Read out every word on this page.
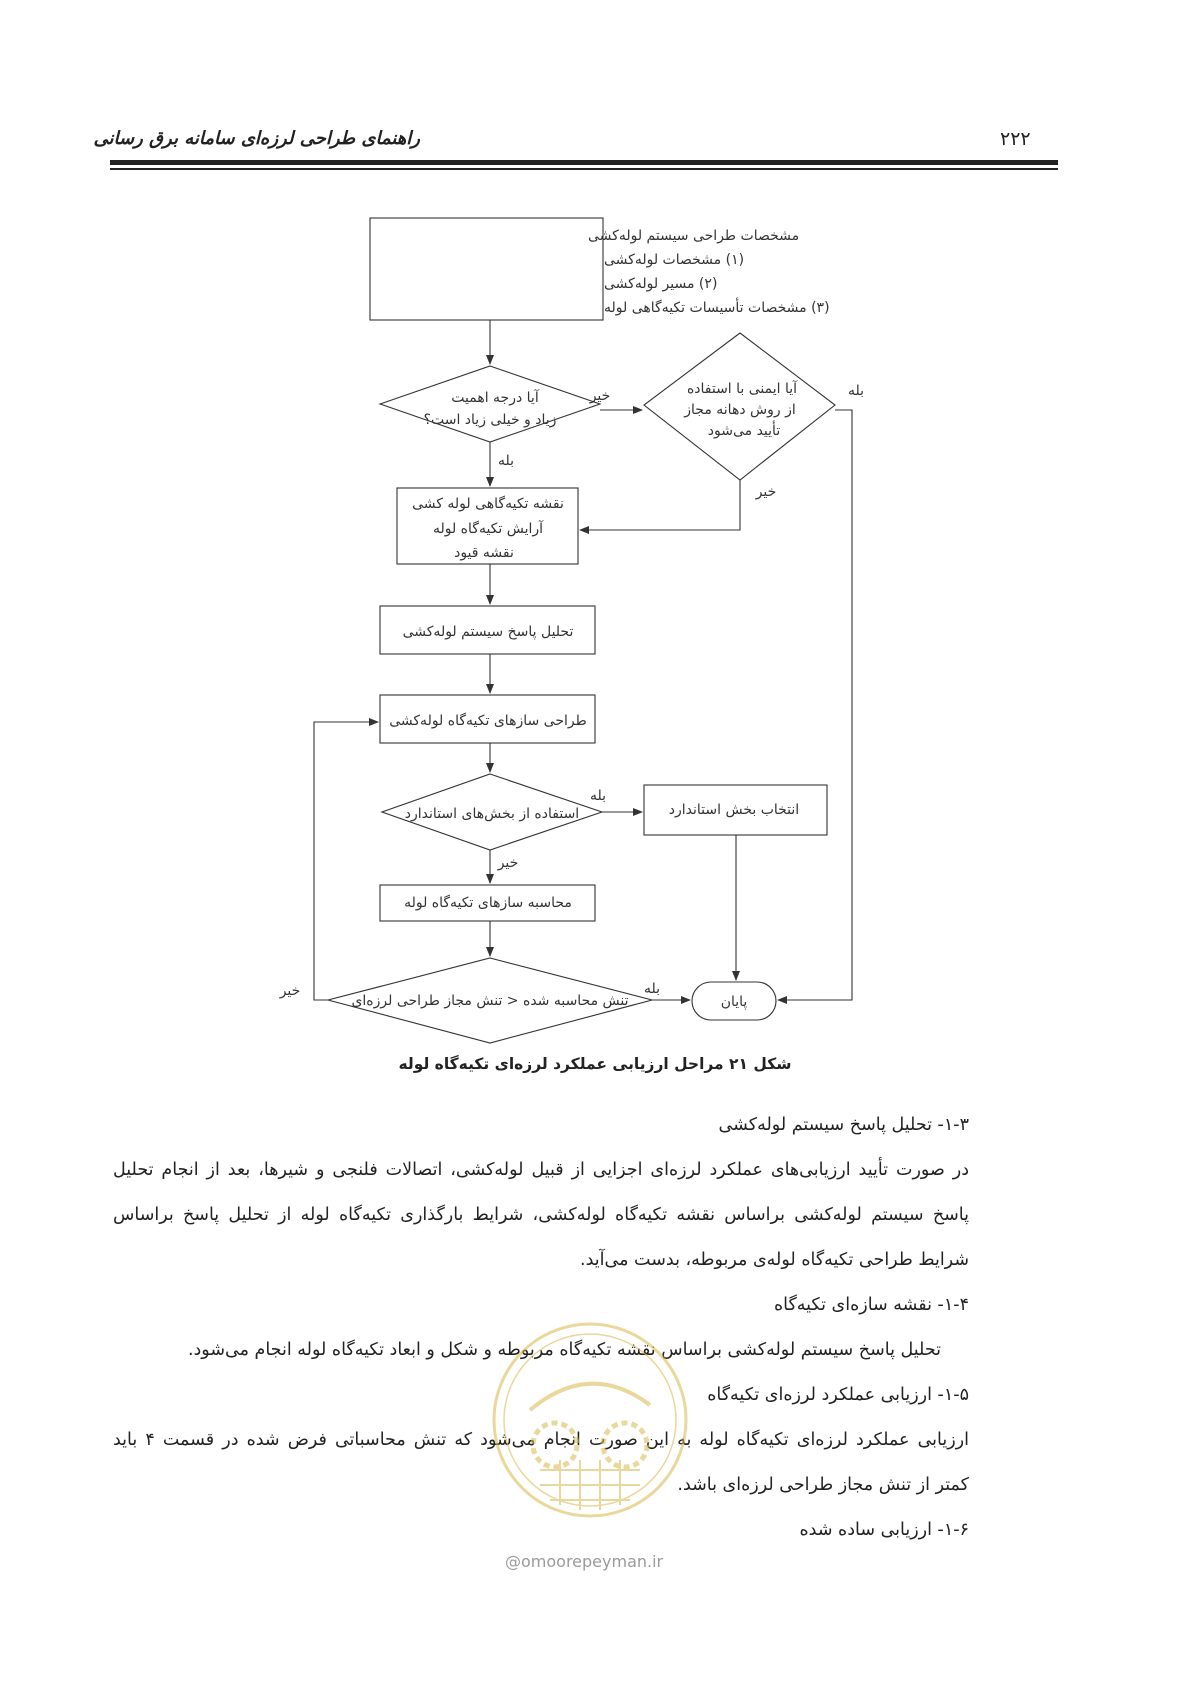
۲۲۲
راهنمای طراحی لرزه‌ای سامانه برق رسانی
مشخصات طراحی سیستم لوله‌کشی
(۱) مشخصات لوله‌کشی
(۲) مسیر لوله‌کشی
(۳) مشخصات تأسیسات تکیه‌گاهی لوله
آیا درجه اهمیت
زیاد و خیلی زیاد است؟
آیا ایمنی با استفاده
از روش دهانه مجاز
تأیید می‌شود
نقشه تکیه‌گاهی لوله کشی
آرایش تکیه‌گاه لوله
نقشه قیود
تحلیل پاسخ سیستم لوله‌کشی
طراحی سازهای تکیه‌گاه لوله‌کشی
استفاده از بخش‌های استاندارد	انتخاب بخش استاندارد
محاسبه سازهای تکیه‌گاه لوله
تنش محاسبه شده < تنش مجاز طراحی لرزه‌ای	پایان
خیر
بله
بله
خیر
بله
خیر
بله
خیر
شکل ۲۱ مراحل ارزیابی عملکرد لرزه‌ای تکیه‌گاه لوله
۱-۳- تحلیل پاسخ سیستم لوله‌کشی
در صورت تأیید ارزیابی‌های عملکرد لرزه‌ای اجزایی از قبیل لوله‌کشی، اتصالات فلنجی و شیرها، بعد از انجام تحلیل
پاسخ سیستم لوله‌کشی براساس نقشه تکیه‌گاه لوله‌کشی، شرایط بارگذاری تکیه‌گاه لوله از تحلیل پاسخ براساس
شرایط طراحی تکیه‌گاه لوله‌ی مربوطه، بدست می‌آید.
۱-۴- نقشه سازه‌ای تکیه‌گاه
تحلیل پاسخ سیستم لوله‌کشی براساس نقشه تکیه‌گاه مربوطه و شکل و ابعاد تکیه‌گاه لوله انجام می‌شود.
۱-۵- ارزیابی عملکرد لرزه‌ای تکیه‌گاه
ارزیابی عملکرد لرزه‌ای تکیه‌گاه لوله به این صورت انجام می‌شود که تنش محاسباتی فرض شده در قسمت ۴ باید
کمتر از تنش مجاز طراحی لرزه‌ای باشد.
۱-۶- ارزیابی ساده شده
@omoorepeyman.ir
